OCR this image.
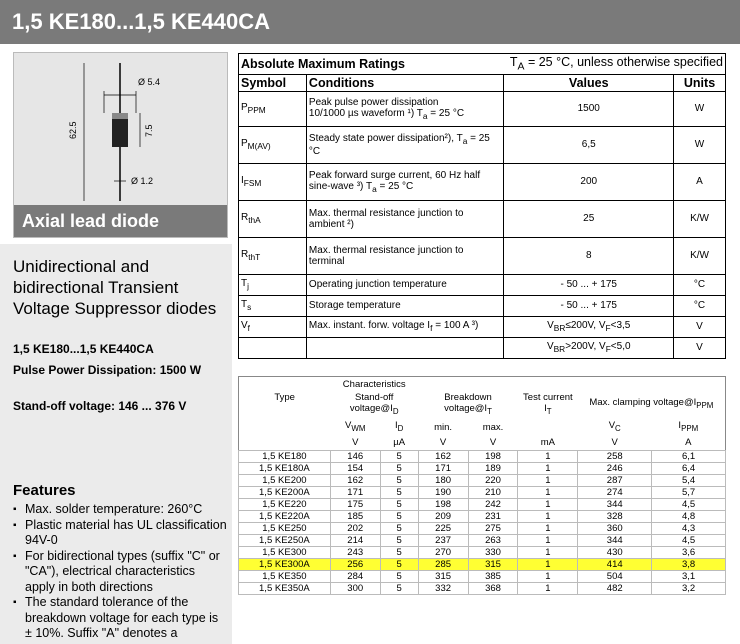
1,5 KE180...1,5 KE440CA
Ø 5.4
62.5	7.5
Ø 1.2
Axial lead diode
Unidirectional and bidirectional Transient Voltage Suppressor diodes
1,5 KE180...1,5 KE440CA
Pulse Power Dissipation: 1500 W
Stand-off voltage: 146 ... 376 V
Features
▪ Max. solder temperature: 260°C
▪ Plastic material has UL classification 94V-0
▪ For bidirectional types (suffix "C" or "CA"), electrical characteristics apply in both directions
▪ The standard tolerance of the breakdown voltage for each type is ± 10%. Suffix "A" denotes a
Absolute Maximum Ratings		$T_A = 25$ °C, unless otherwise specified	
Symbol	Conditions	Values	Units
$P_{PPM}$	Peak pulse power dissipation
10/1000 µs waveform ¹) $T_a = 25$ °C	1500	W
$P_{M(AV)}$	Steady state power dissipation²), $T_a = 25$
°C	6,5	W
$I_{FSM}$	Peak forward surge current, 60 Hz half
sine-wave ³) $T_a = 25$ °C	200	A
$R_{thA}$	Max. thermal resistance junction to
ambient ²)	25	K/W
$R_{thT}$	Max. thermal resistance junction to
terminal	8	K/W
$T_j$	Operating junction temperature	- 50 ... + 175	°C
$T_s$	Storage temperature	- 50 ... + 175	°C
$V_f$	Max. instant. forw. voltage $I_f = 100$ A ³)	$V_{BR}\le 200V$, $V_F<3,5$	V
		$V_{BR}>200V$, $V_F<5,0$	V
Type	Characteristics						
	Stand-off $voltage@I_D$		Breakdown $voltage@I_T$		Test current $I_T$	Max. clamping $voltage@I_{PPM}$
	$V_{WM}$	$I_D$	min.	max.		$V_C$	$I_{PPM}$
	V	µA	V	V	mA	V	A
1,5 KE180	146	5	162	198	1	258	6,1
1,5 KE180A	154	5	171	189	1	246	6,4
1,5 KE200	162	5	180	220	1	287	5,4
1,5 KE200A	171	5	190	210	1	274	5,7
1,5 KE220	175	5	198	242	1	344	4,5
1,5 KE220A	185	5	209	231	1	328	4,8
1,5 KE250	202	5	225	275	1	360	4,3
1,5 KE250A	214	5	237	263	1	344	4,5
1,5 KE300	243	5	270	330	1	430	3,6
1,5 KE300A	256	5	285	315	1	414	3,8
1,5 KE350	284	5	315	385	1	504	3,1
1,5 KE350A	300	5	332	368	1	482	3,2
